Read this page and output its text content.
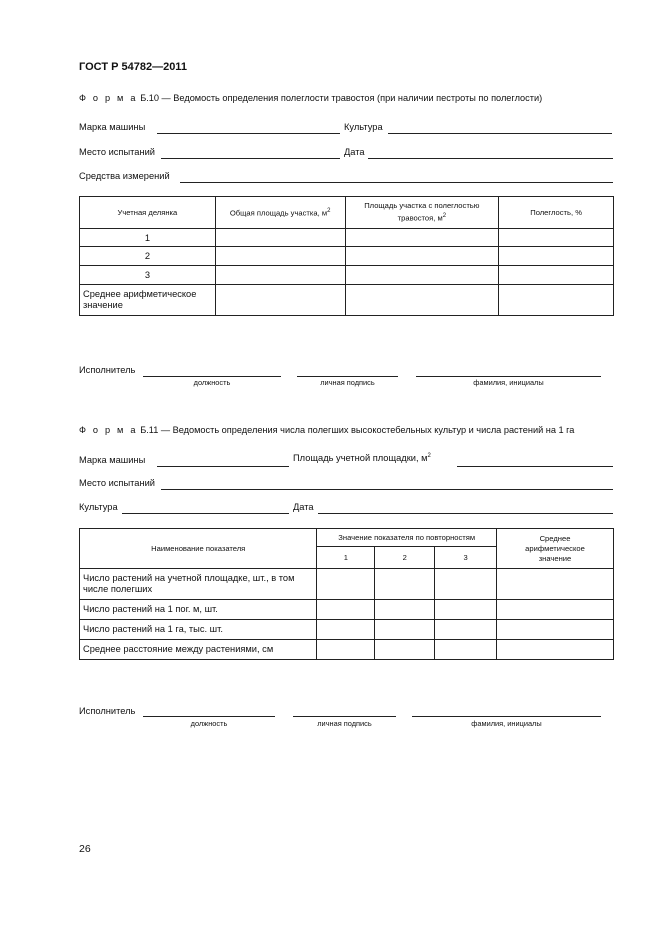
ГОСТ Р 54782—2011
Ф о р м а Б.10 — Ведомость определения полеглости травостоя (при наличии пестроты по полеглости)
Марка машины	Культура
Место испытаний	Дата
Средства измерений
Учетная делянка	Общая площадь участка, $м^2$	Площадь участка с полеглостью травостоя, $м^2$	Полеглость, %
1			
2			
3			
Среднее арифметическое значение			
Исполнитель
должность	личная подпись	фамилия, инициалы
Ф о р м а Б.11 — Ведомость определения числа полегших высокостебельных культур и числа растений на 1 га
Марка машины	Площадь учетной площадки, $м^2$
Место испытаний
Культура	Дата
Наименование показателя	Значение показателя по повторностям			Среднее арифметическое значение
	1	2	3	
Число растений на учетной площадке, шт., в том числе полегших				
Число растений на 1 пог. м, шт.				
Число растений на 1 га, тыс. шт.				
Среднее расстояние между растениями, см				
Исполнитель
должность	личная подпись	фамилия, инициалы
26
